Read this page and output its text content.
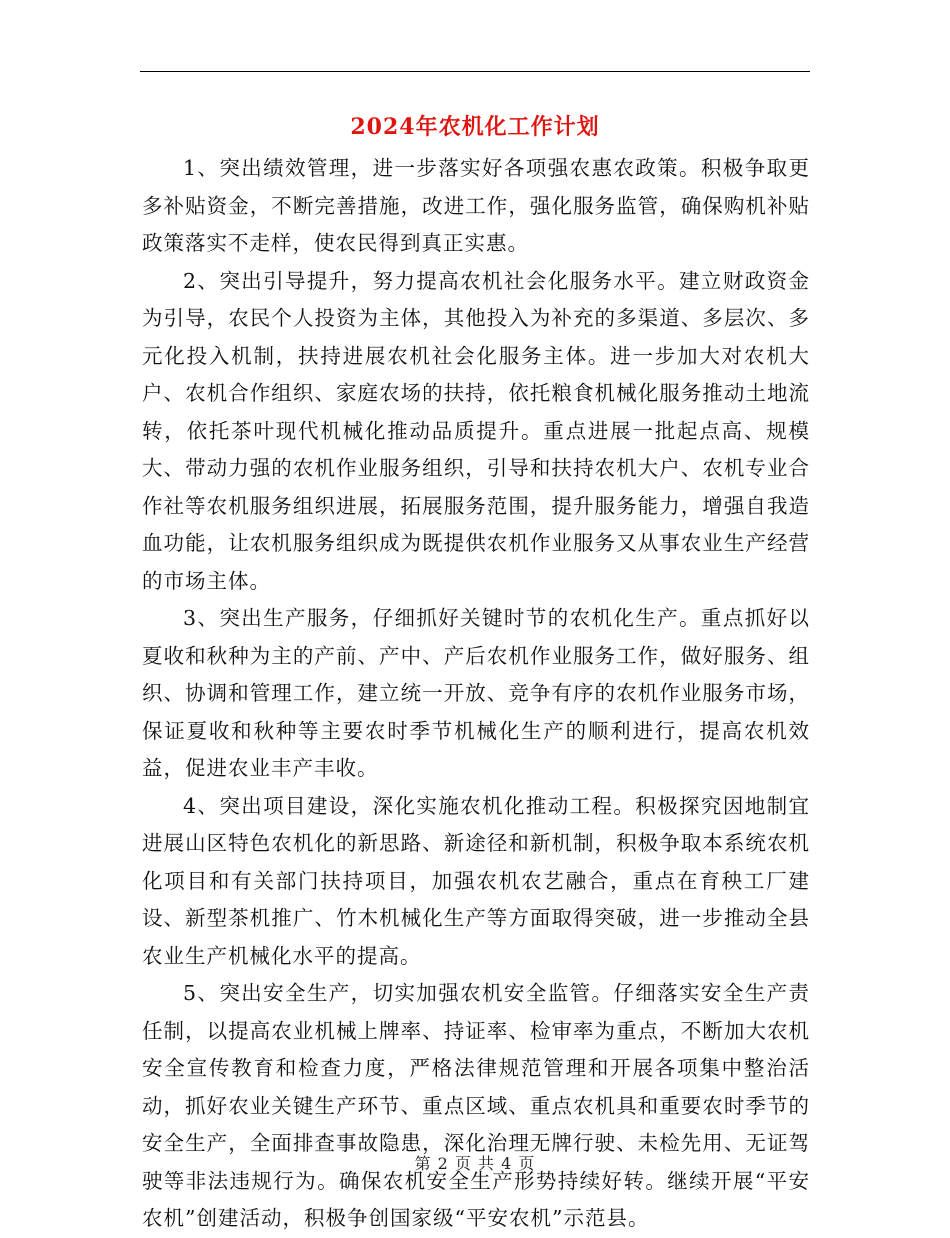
2024年农机化工作计划

1、突出绩效管理，进一步落实好各项强农惠农政策。积极争取更多补贴资金，不断完善措施，改进工作，强化服务监管，确保购机补贴政策落实不走样，使农民得到真正实惠。

2、突出引导提升，努力提高农机社会化服务水平。建立财政资金为引导，农民个人投资为主体，其他投入为补充的多渠道、多层次、多元化投入机制，扶持进展农机社会化服务主体。进一步加大对农机大户、农机合作组织、家庭农场的扶持，依托粮食机械化服务推动土地流转，依托茶叶现代机械化推动品质提升。重点进展一批起点高、规模大、带动力强的农机作业服务组织，引导和扶持农机大户、农机专业合作社等农机服务组织进展，拓展服务范围，提升服务能力，增强自我造血功能，让农机服务组织成为既提供农机作业服务又从事农业生产经营的市场主体。

3、突出生产服务，仔细抓好关键时节的农机化生产。重点抓好以夏收和秋种为主的产前、产中、产后农机作业服务工作，做好服务、组织、协调和管理工作，建立统一开放、竞争有序的农机作业服务市场，保证夏收和秋种等主要农时季节机械化生产的顺利进行，提高农机效益，促进农业丰产丰收。

4、突出项目建设，深化实施农机化推动工程。积极探究因地制宜进展山区特色农机化的新思路、新途径和新机制，积极争取本系统农机化项目和有关部门扶持项目，加强农机农艺融合，重点在育秧工厂建设、新型茶机推广、竹木机械化生产等方面取得突破，进一步推动全县农业生产机械化水平的提高。

5、突出安全生产，切实加强农机安全监管。仔细落实安全生产责任制，以提高农业机械上牌率、持证率、检审率为重点，不断加大农机安全宣传教育和检查力度，严格法律规范管理和开展各项集中整治活动，抓好农业关键生产环节、重点区域、重点农机具和重要农时季节的安全生产，全面排查事故隐患，深化治理无牌行驶、未检先用、无证驾驶等非法违规行为。确保农机安全生产形势持续好转。继续开展“平安农机”创建活动，积极争创国家级“平安农机”示范县。

第 2 页 共 4 页
